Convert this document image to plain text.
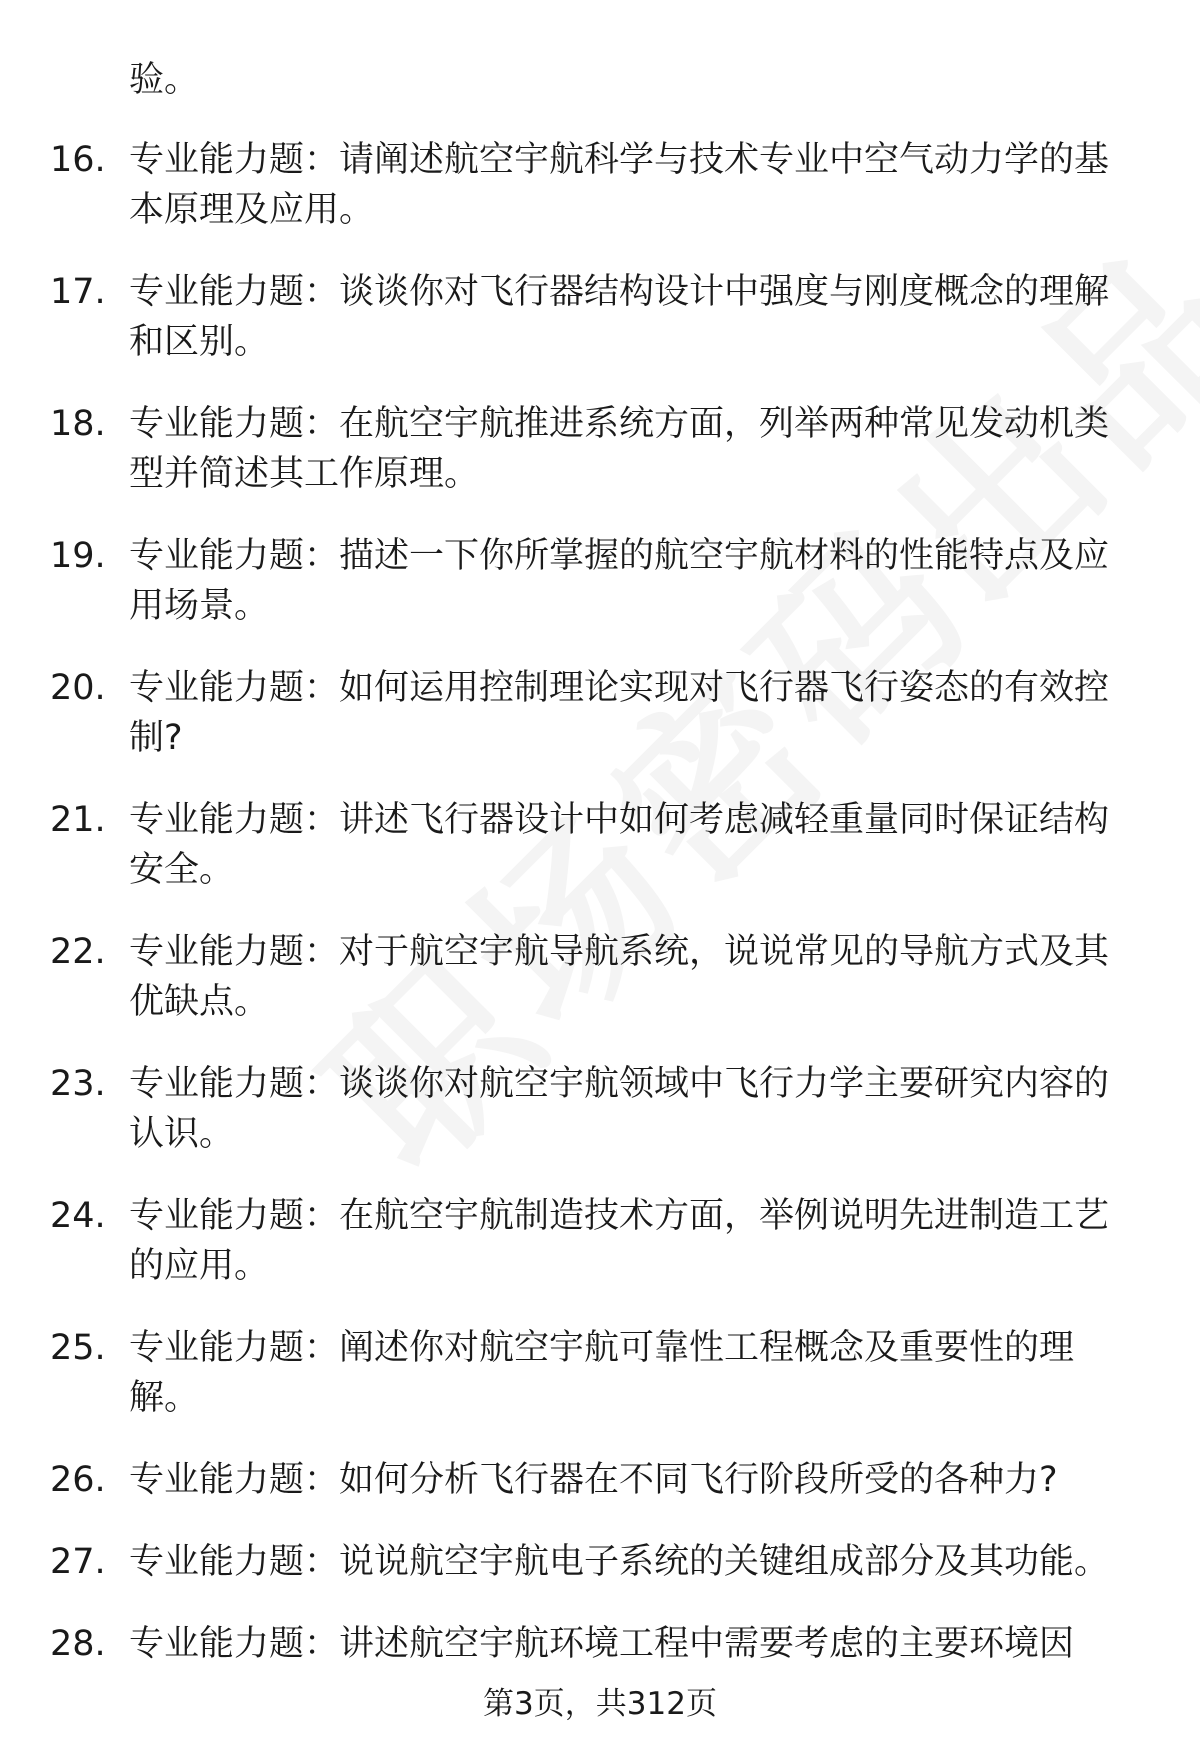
验。
16. 专业能力题：请阐述航空宇航科学与技术专业中空气动力学的基本原理及应用。
17. 专业能力题：谈谈你对飞行器结构设计中强度与刚度概念的理解和区别。
18. 专业能力题：在航空宇航推进系统方面，列举两种常见发动机类型并简述其工作原理。
19. 专业能力题：描述一下你所掌握的航空宇航材料的性能特点及应用场景。
20. 专业能力题：如何运用控制理论实现对飞行器飞行姿态的有效控制?
21. 专业能力题：讲述飞行器设计中如何考虑减轻重量同时保证结构安全。
22. 专业能力题：对于航空宇航导航系统，说说常见的导航方式及其优缺点。
23. 专业能力题：谈谈你对航空宇航领域中飞行力学主要研究内容的认识。
24. 专业能力题：在航空宇航制造技术方面，举例说明先进制造工艺的应用。
25. 专业能力题：阐述你对航空宇航可靠性工程概念及重要性的理解。
26. 专业能力题：如何分析飞行器在不同飞行阶段所受的各种力?
27. 专业能力题：说说航空宇航电子系统的关键组成部分及其功能。
28. 专业能力题：讲述航空宇航环境工程中需要考虑的主要环境因
第3页，共312页
